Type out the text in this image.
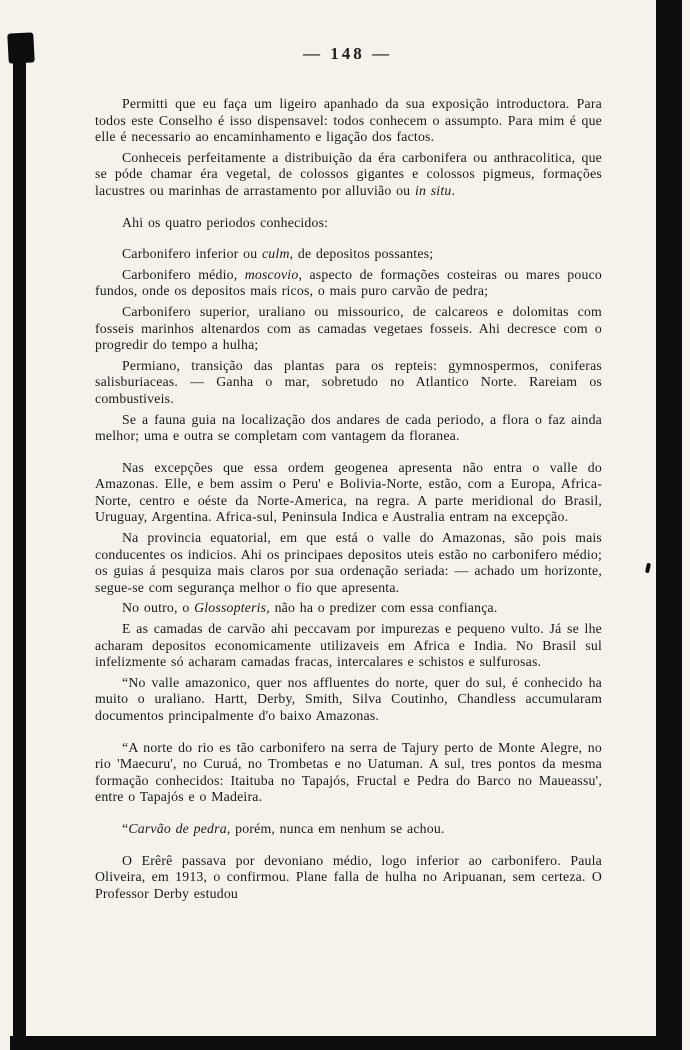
— 148 —

Permitti que eu faça um ligeiro apanhado da sua exposição introductora. Para todos este Conselho é isso dispensavel: todos conhecem o assumpto. Para mim é que elle é necessario ao encaminhamento e ligação dos factos.

Conheceis perfeitamente a distribuição da éra carbonifera ou anthracolitica, que se póde chamar éra vegetal, de colossos gigantes e colossos pigmeus, formações lacustres ou marinhas de arrastamento por alluvião ou in situ.

Ahi os quatro periodos conhecidos:

Carbonifero inferior ou culm, de depositos possantes;

Carbonifero médio, moscovio, aspecto de formações costeiras ou mares pouco fundos, onde os depositos mais ricos, o mais puro carvão de pedra;

Carbonifero superior, uraliano ou missourico, de calcareos e dolomitas com fosseis marinhos altenardos com as camadas vegetaes fosseis. Ahi decresce com o progredir do tempo a hulha;

Permiano, transição das plantas para os repteis: gymnospermos, coniferas salisburiaceas. — Ganha o mar, sobretudo no Atlantico Norte. Rareiam os combustiveis.

Se a fauna guia na localização dos andares de cada periodo, a flora o faz ainda melhor; uma e outra se completam com vantagem da floranea.

Nas excepções que essa ordem geogenea apresenta não entra o valle do Amazonas. Elle, e bem assim o Peru' e Bolivia-Norte, estão, com a Europa, Africa-Norte, centro e oéste da Norte-America, na regra. A parte meridional do Brasil, Uruguay, Argentina. Africa-sul, Peninsula Indica e Australia entram na excepção.

Na provincia equatorial, em que está o valle do Amazonas, são pois mais conducentes os indicios. Ahi os principaes depositos uteis estão no carbonifero médio; os guias á pesquiza mais claros por sua ordenação seriada: — achado um horizonte, segue-se com segurança melhor o fio que apresenta.

No outro, o Glossopteris, não ha o predizer com essa confiança.

E as camadas de carvão ahi peccavam por impurezas e pequeno vulto. Já se lhe acharam depositos economicamente utilizaveis em Africa e India. No Brasil sul infelizmente só acharam camadas fracas, intercalares e schistos e sulfurosas.

“No valle amazonico, quer nos affluentes do norte, quer do sul, é conhecido ha muito o uraliano. Hartt, Derby, Smith, Silva Coutinho, Chandless accumularam documentos principalmente d'o baixo Amazonas.

“A norte do rio es tão carbonifero na serra de Tajury perto de Monte Alegre, no rio 'Maecuru', no Curuá, no Trombetas e no Uatuman. A sul, tres pontos da mesma formação conhecidos: Itaituba no Tapajós, Fructal e Pedra do Barco no Maueassu', entre o Tapajós e o Madeira.

“Carvão de pedra, porém, nunca em nenhum se achou.

O Erêrê passava por devoniano médio, logo inferior ao carbonifero. Paula Oliveira, em 1913, o confirmou. Plane falla de hulha no Aripuanan, sem certeza. O Professor Derby estudou
